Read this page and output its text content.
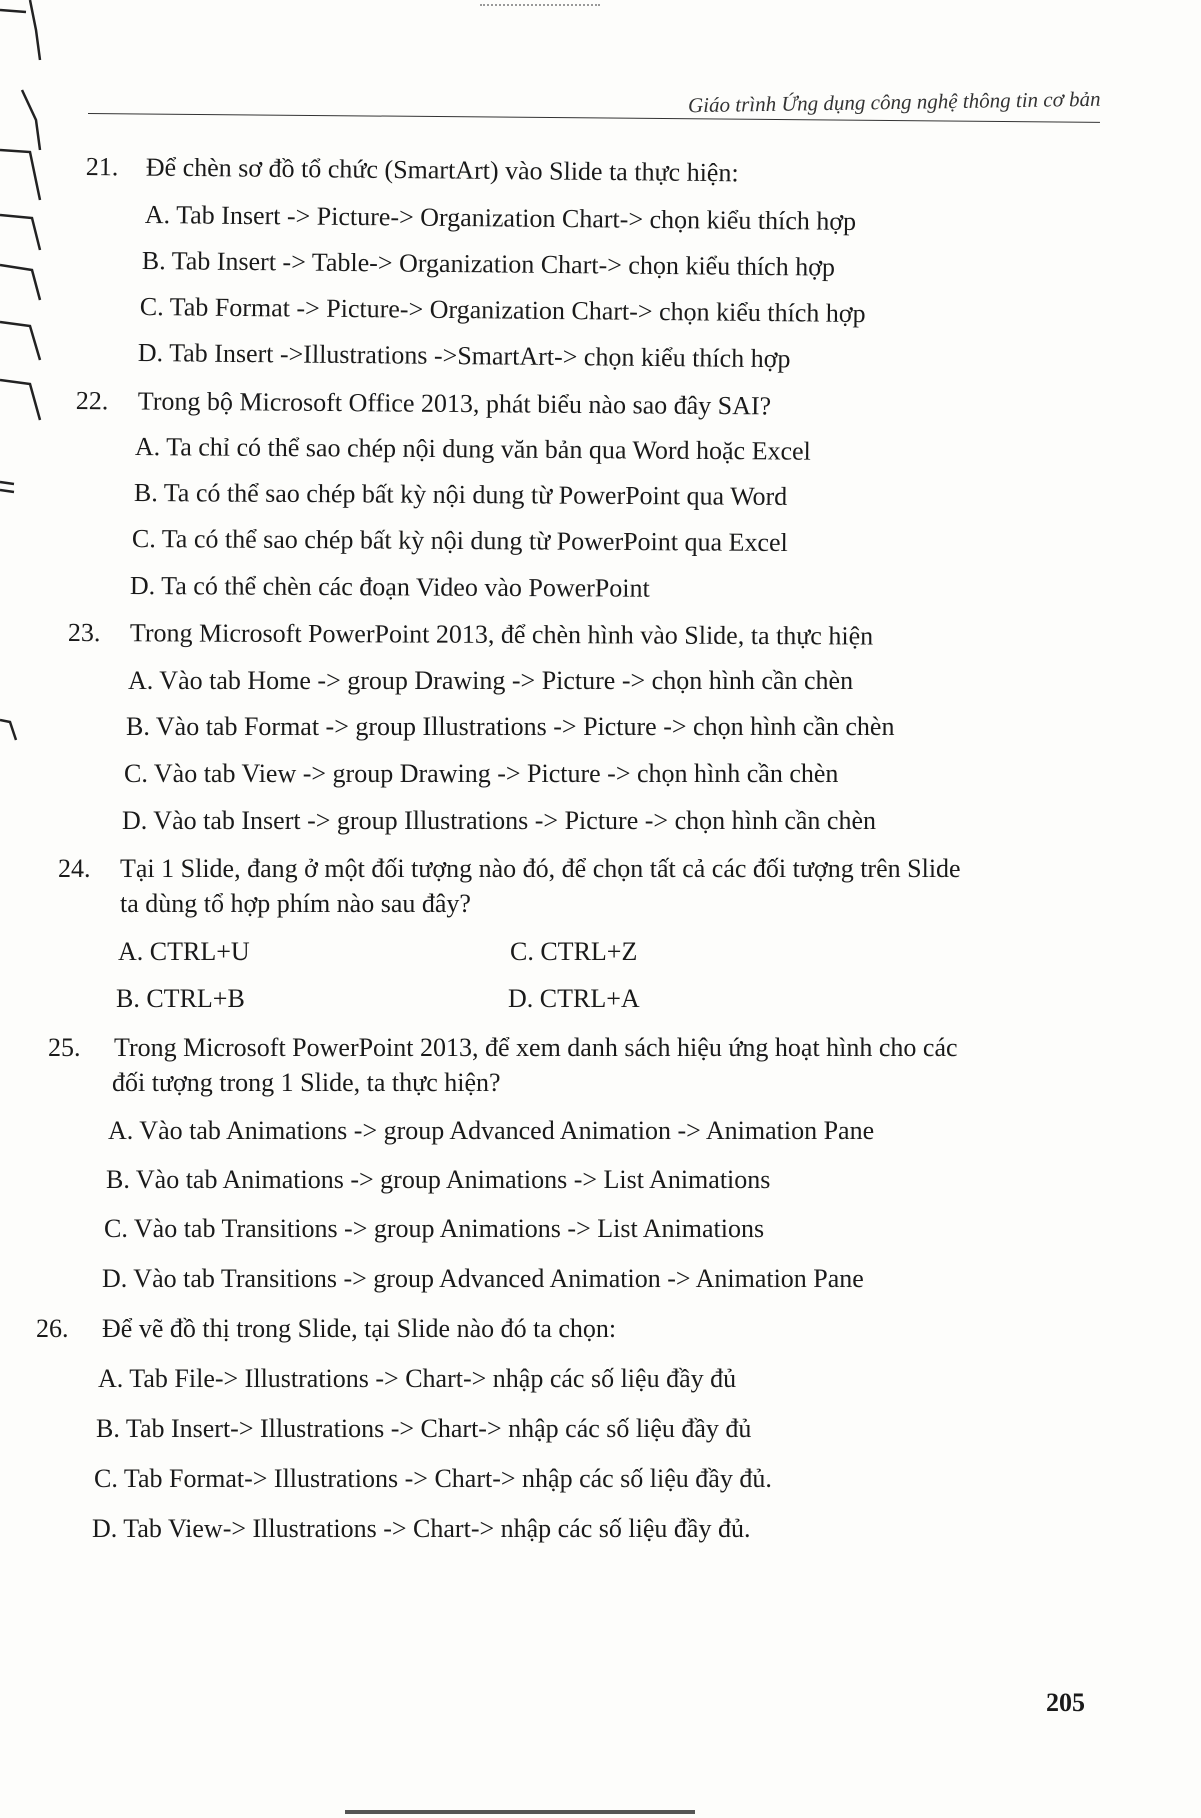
Giáo trình Ứng dụng công nghệ thông tin cơ bản
21. Để chèn sơ đồ tổ chức (SmartArt) vào Slide ta thực hiện:
A. Tab Insert -> Picture-> Organization Chart-> chọn kiểu thích hợp
B. Tab Insert -> Table-> Organization Chart-> chọn kiểu thích hợp
C. Tab Format -> Picture-> Organization Chart-> chọn kiểu thích hợp
D. Tab Insert ->Illustrations ->SmartArt-> chọn kiểu thích hợp
22. Trong bộ Microsoft Office 2013, phát biểu nào sao đây SAI?
A. Ta chỉ có thể sao chép nội dung văn bản qua Word hoặc Excel
B. Ta có thể sao chép bất kỳ nội dung từ PowerPoint qua Word
C. Ta có thể sao chép bất kỳ nội dung từ PowerPoint qua Excel
D. Ta có thể chèn các đoạn Video vào PowerPoint
23. Trong Microsoft PowerPoint 2013, để chèn hình vào Slide, ta thực hiện
A. Vào tab Home -> group Drawing -> Picture -> chọn hình cần chèn
B. Vào tab Format -> group Illustrations -> Picture -> chọn hình cần chèn
C. Vào tab View -> group Drawing -> Picture -> chọn hình cần chèn
D. Vào tab Insert -> group Illustrations -> Picture -> chọn hình cần chèn
24. Tại 1 Slide, đang ở một đối tượng nào đó, để chọn tất cả các đối tượng trên Slide
ta dùng tổ hợp phím nào sau đây?
A. CTRL+U	C. CTRL+Z
B. CTRL+B	D. CTRL+A
25. Trong Microsoft PowerPoint 2013, để xem danh sách hiệu ứng hoạt hình cho các
đối tượng trong 1 Slide, ta thực hiện?
A. Vào tab Animations -> group Advanced Animation -> Animation Pane
B. Vào tab Animations -> group Animations -> List Animations
C. Vào tab Transitions -> group Animations -> List Animations
D. Vào tab Transitions -> group Advanced Animation -> Animation Pane
26. Để vẽ đồ thị trong Slide, tại Slide nào đó ta chọn:
A. Tab File-> Illustrations -> Chart-> nhập các số liệu đầy đủ
B. Tab Insert-> Illustrations -> Chart-> nhập các số liệu đầy đủ
C. Tab Format-> Illustrations -> Chart-> nhập các số liệu đầy đủ.
D. Tab View-> Illustrations -> Chart-> nhập các số liệu đầy đủ.
205
